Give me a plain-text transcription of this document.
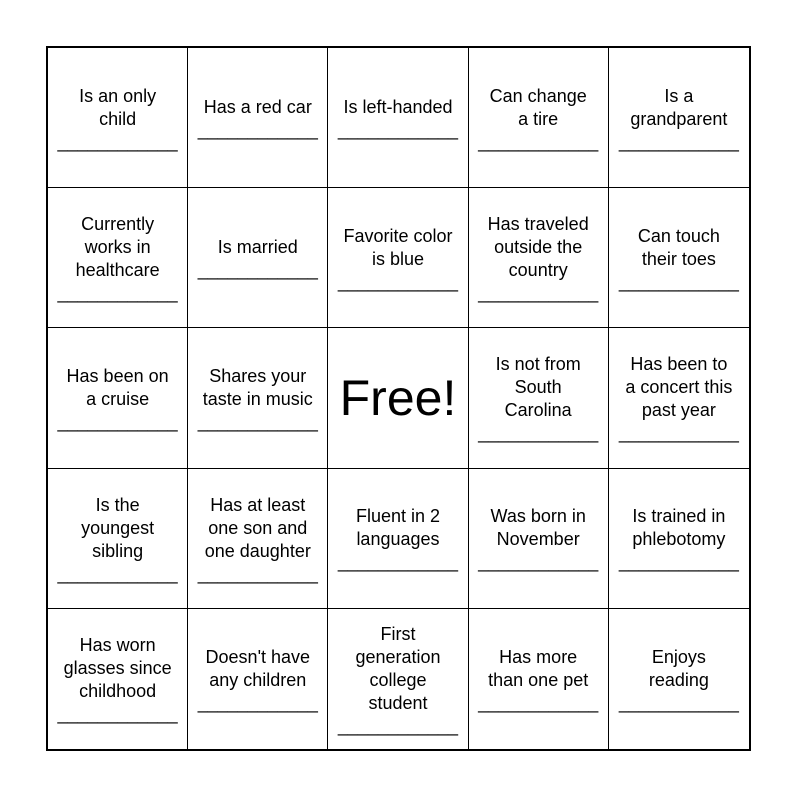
Is an only
child
____________
Has a red car
____________
Is left-handed
____________
Can change
a tire
____________
Is a
grandparent
____________
Currently
works in
healthcare
____________
Is married
____________
Favorite color
is blue
____________
Has traveled
outside the
country
____________
Can touch
their toes
____________
Has been on
a cruise
____________
Shares your
taste in music
____________ Free!
Is not from
South
Carolina
____________
Has been to
a concert this
past year
____________
Is the
youngest
sibling
____________
Has at least
one son and
one daughter
____________
Fluent in 2
languages
____________
Was born in
November
____________
Is trained in
phlebotomy
____________
Has worn
glasses since
childhood
____________
Doesn't have
any children
____________
First
generation
college
student
____________
Has more
than one pet
____________
Enjoys
reading
____________
